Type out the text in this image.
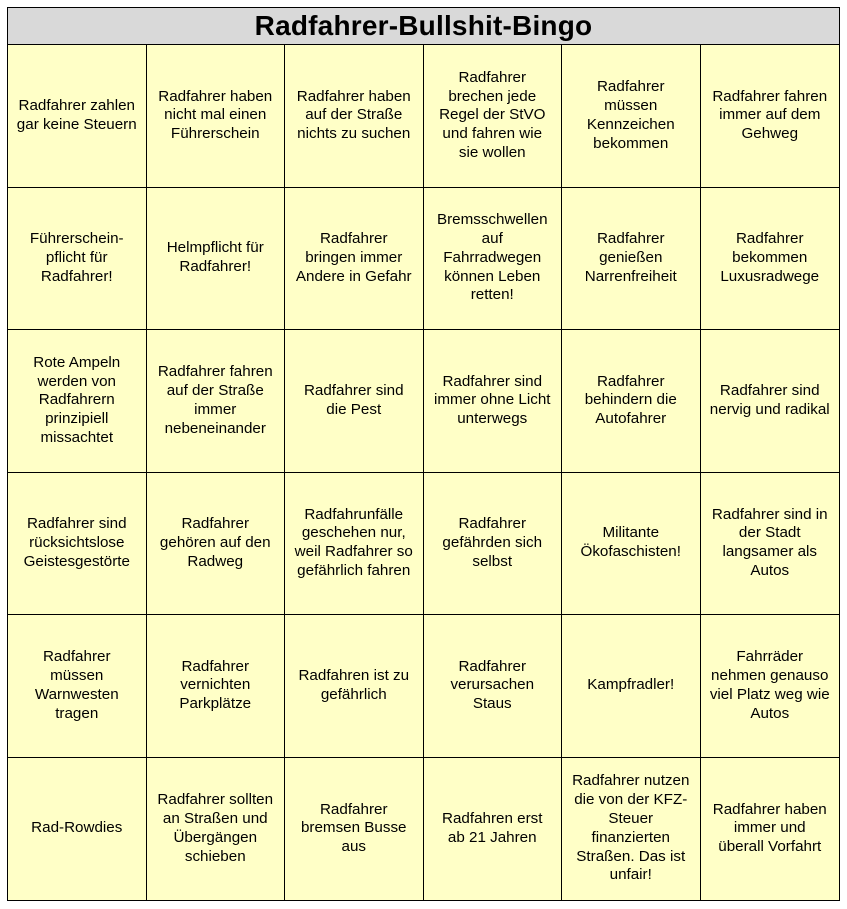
Radfahrer-Bullshit-Bingo
Radfahrer zahlen
gar keine Steuern
Radfahrer haben
nicht mal einen
Führerschein
Radfahrer haben
auf der Straße
nichts zu suchen
Radfahrer
brechen jede
Regel der StVO
und fahren wie
sie wollen
Radfahrer
müssen
Kennzeichen
bekommen
Radfahrer fahren
immer auf dem
Gehweg
Führerschein-
pflicht für
Radfahrer!
Helmpflicht für
Radfahrer!
Radfahrer
bringen immer
Andere in Gefahr
Bremsschwellen
auf
Fahrradwegen
können Leben
retten!
Radfahrer
genießen
Narrenfreiheit
Radfahrer
bekommen
Luxusradwege
Rote Ampeln
werden von
Radfahrern
prinzipiell
missachtet
Radfahrer fahren
auf der Straße
immer
nebeneinander
Radfahrer sind
die Pest
Radfahrer sind
immer ohne Licht
unterwegs
Radfahrer
behindern die
Autofahrer
Radfahrer sind
nervig und radikal
Radfahrer sind
rücksichtslose
Geistesgestörte
Radfahrer
gehören auf den
Radweg
Radfahrunfälle
geschehen nur,
weil Radfahrer so
gefährlich fahren
Radfahrer
gefährden sich
selbst
Militante
Ökofaschisten!
Radfahrer sind in
der Stadt
langsamer als
Autos
Radfahrer
müssen
Warnwesten
tragen
Radfahrer
vernichten
Parkplätze
Radfahren ist zu
gefährlich
Radfahrer
verursachen
Staus
Kampfradler!
Fahrräder
nehmen genauso
viel Platz weg wie
Autos
Rad-Rowdies
Radfahrer sollten
an Straßen und
Übergängen
schieben
Radfahrer
bremsen Busse
aus
Radfahren erst
ab 21 Jahren
Radfahrer nutzen
die von der KFZ-
Steuer
finanzierten
Straßen. Das ist
unfair!
Radfahrer haben
immer und
überall Vorfahrt
